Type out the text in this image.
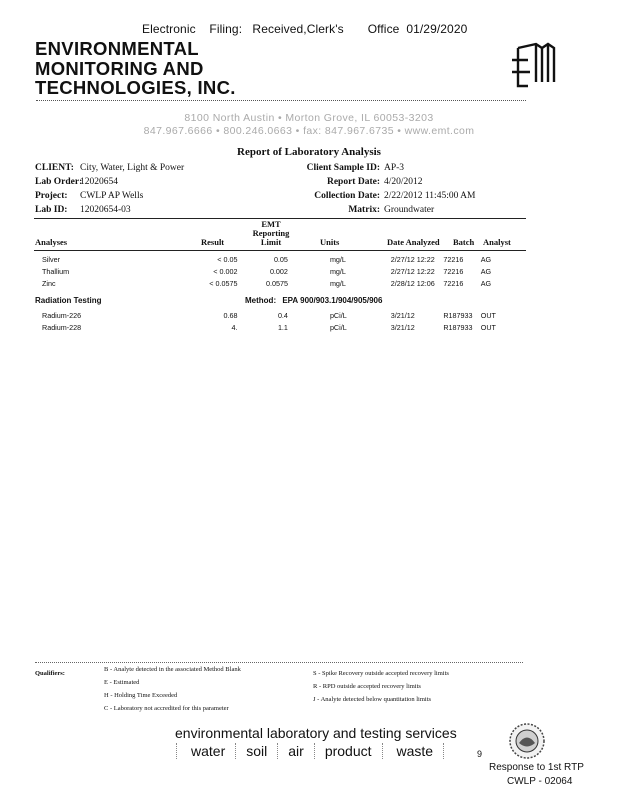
Electronic    Filing:   Received,Clerk's       Office  01/29/2020
ENVIRONMENTAL
MONITORING AND
TECHNOLOGIES, INC.
EMT
8100 North Austin • Morton Grove, IL 60053-3203
847.967.6666 • 800.246.0663 • fax: 847.967.6735 • www.emt.com
Report of Laboratory Analysis
CLIENT: City, Water, Light & Power
Lab Order:
12020654
Project: CWLP AP Wells
Lab ID: 12020654-03
Client Sample ID: AP-3
Report Date: 4/20/2012
Collection Date: 2/22/2012 11:45:00 AM
Matrix: Groundwater
Analyses	Result
EMT
Reporting
Limit	Units	Date Analyzed Batch Analyst
Silver	< 0.05	0.05	mg/L	2/27/12 12:22	72216	AG
Thallium	< 0.002	0.002	mg/L	2/27/12 12:22	72216	AG
Zinc	< 0.0575	0.0575	mg/L	2/28/12 12:06	72216	AG
Radiation Testing	Method: EPA 900/903.1/904/905/906
Radium-226	0.68	0.4	pCi/L	3/21/12	R187933	OUT
Radium-228	4.	1.1	pCi/L	3/21/12	R187933	OUT
Qualifiers:
B - Analyte detected in the associated Method Blank
E - Estimated
H - Holding Time Exceeded
C - Laboratory not accredited for this parameter
S - Spike Recovery outside accepted recovery limits
R - RPD outside accepted recovery limits
J - Analyte detected below quantitation limits
environmental laboratory and testing services
water soil air product waste	9
Response to 1st RTP
CWLP - 02064
